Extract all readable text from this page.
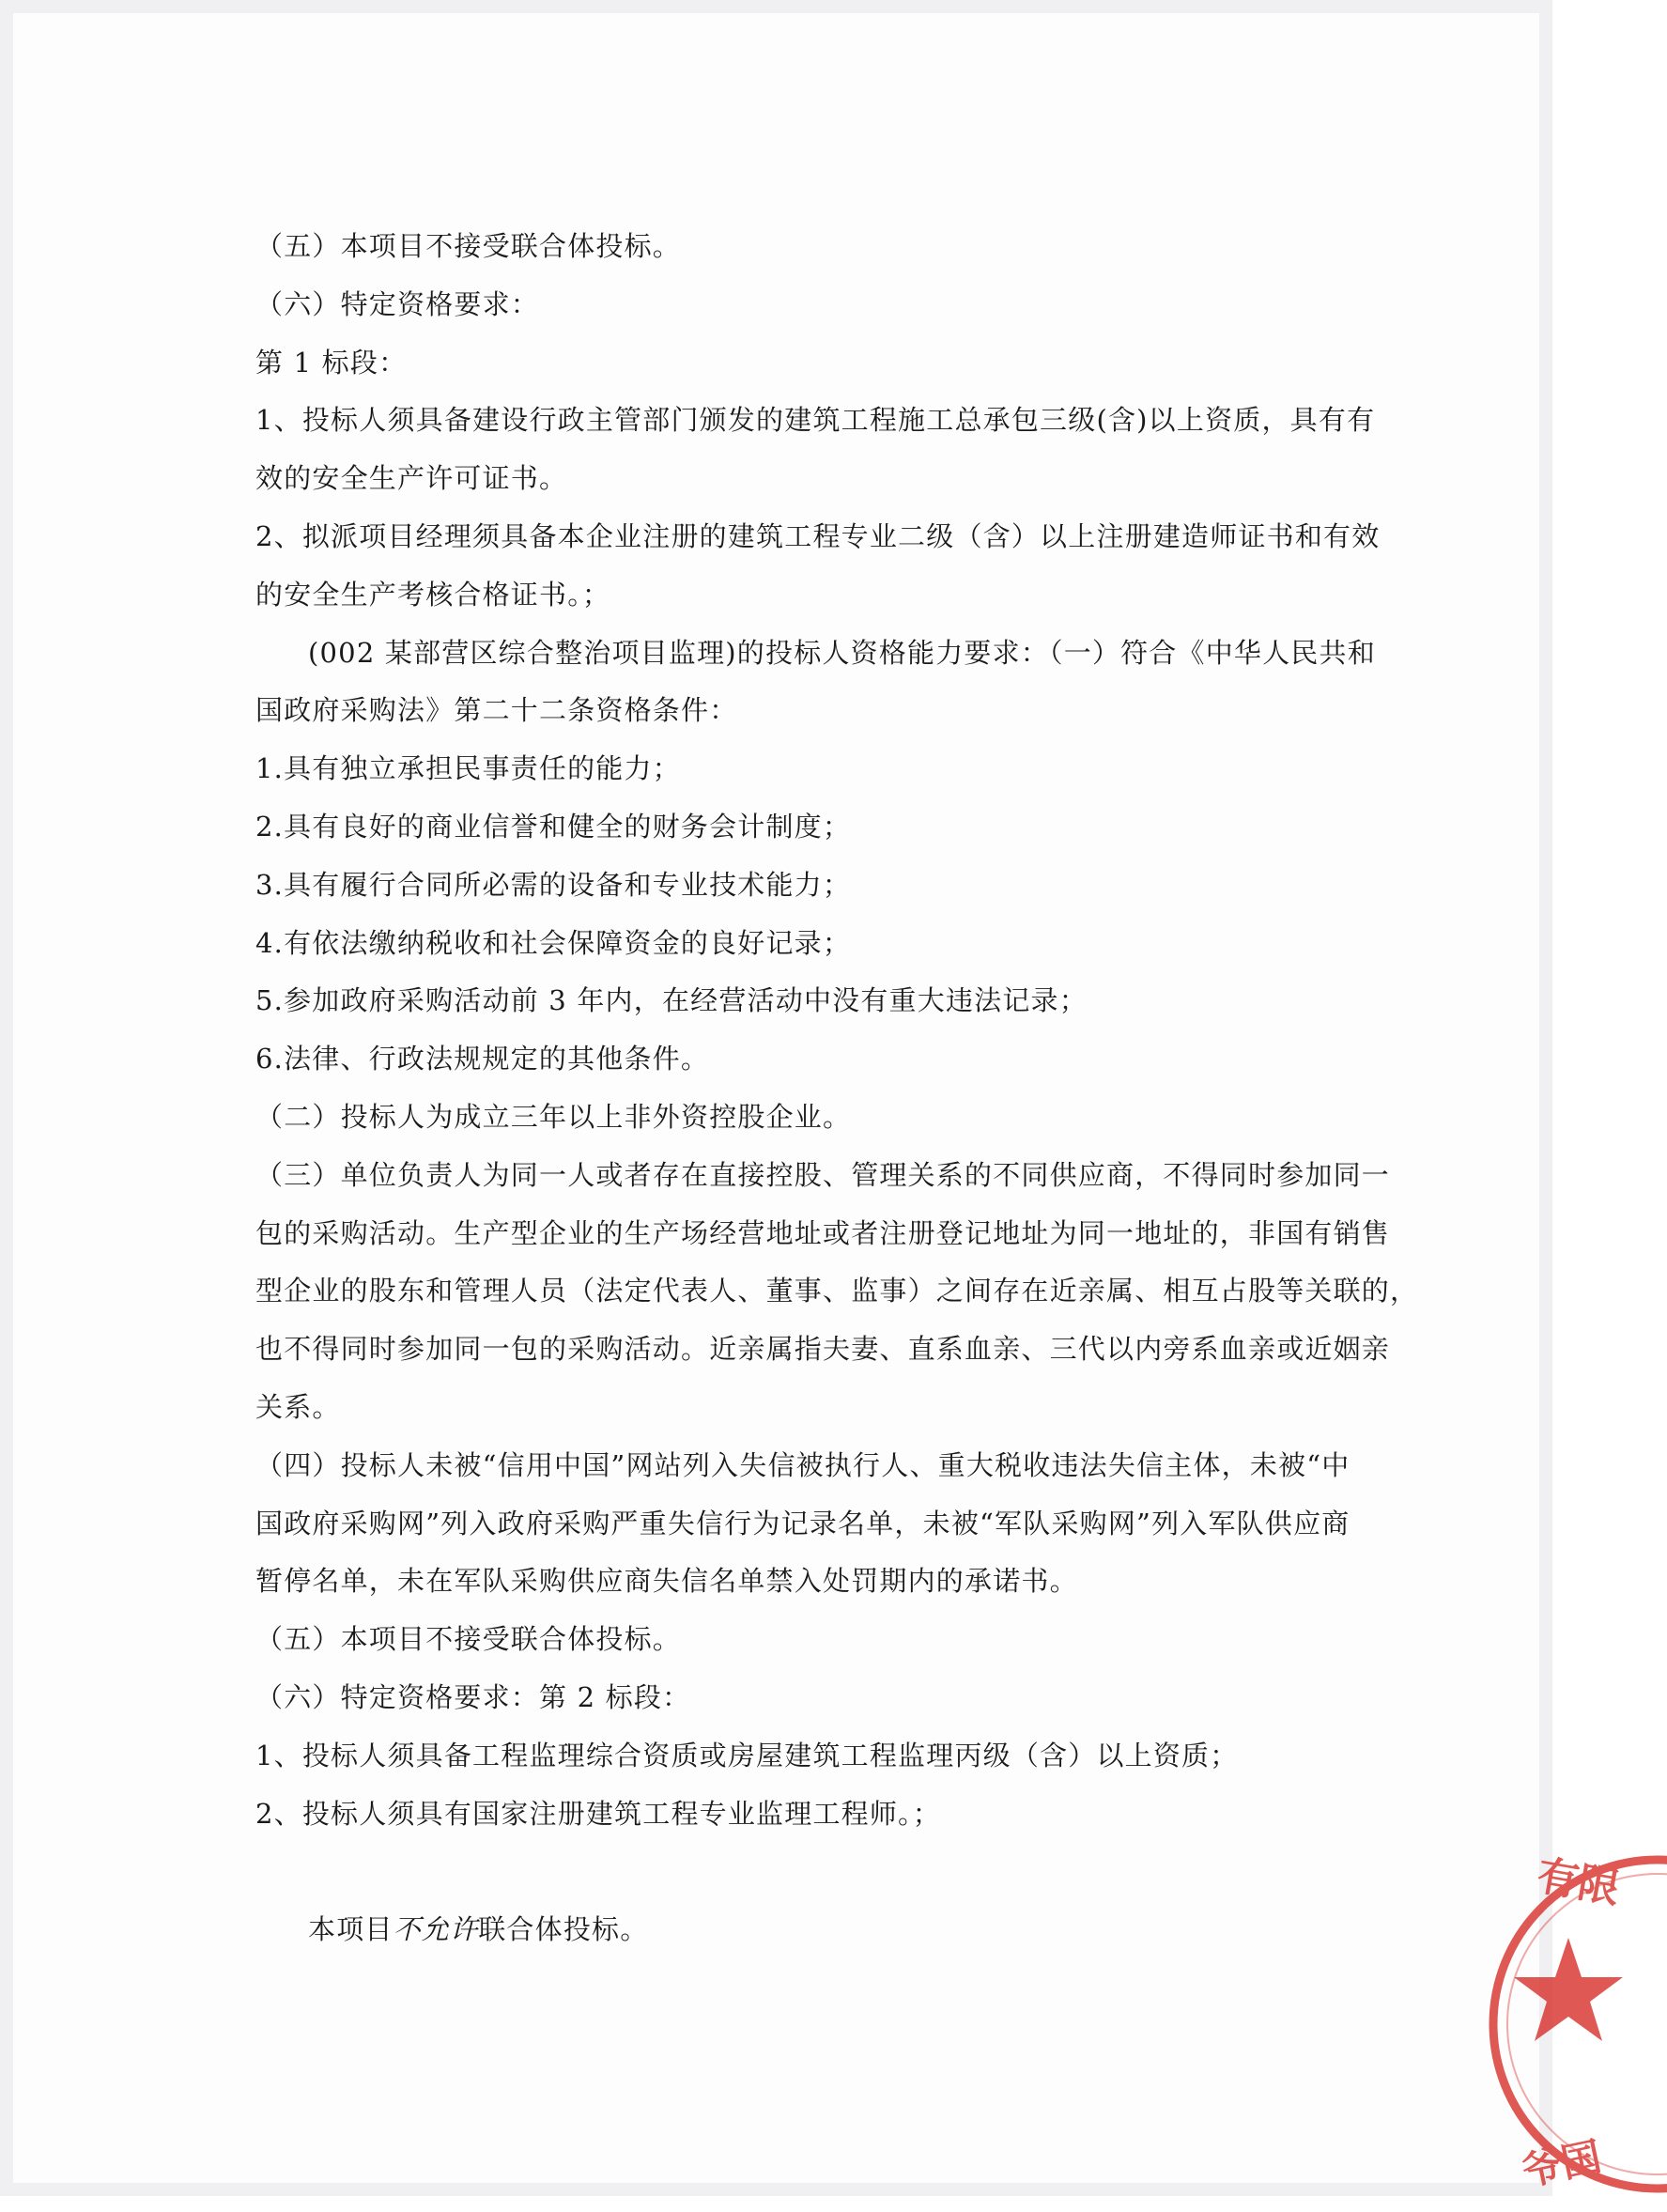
（五）本项目不接受联合体投标。

（六）特定资格要求：

第 1 标段：

1、投标人须具备建设行政主管部门颁发的建筑工程施工总承包三级(含)以上资质，具有有

效的安全生产许可证书。

2、拟派项目经理须具备本企业注册的建筑工程专业二级（含）以上注册建造师证书和有效

的安全生产考核合格证书。；

(002 某部营区综合整治项目监理)的投标人资格能力要求：（一）符合《中华人民共和

国政府采购法》第二十二条资格条件：

1.具有独立承担民事责任的能力；

2.具有良好的商业信誉和健全的财务会计制度；

3.具有履行合同所必需的设备和专业技术能力；

4.有依法缴纳税收和社会保障资金的良好记录；

5.参加政府采购活动前 3 年内，在经营活动中没有重大违法记录；

6.法律、行政法规规定的其他条件。

（二）投标人为成立三年以上非外资控股企业。

（三）单位负责人为同一人或者存在直接控股、管理关系的不同供应商，不得同时参加同一

包的采购活动。生产型企业的生产场经营地址或者注册登记地址为同一地址的，非国有销售

型企业的股东和管理人员（法定代表人、董事、监事）之间存在近亲属、相互占股等关联的，

也不得同时参加同一包的采购活动。近亲属指夫妻、直系血亲、三代以内旁系血亲或近姻亲

关系。

（四）投标人未被“信用中国”网站列入失信被执行人、重大税收违法失信主体，未被“中

国政府采购网”列入政府采购严重失信行为记录名单，未被“军队采购网”列入军队供应商

暂停名单，未在军队采购供应商失信名单禁入处罚期内的承诺书。

（五）本项目不接受联合体投标。

（六）特定资格要求：第 2 标段：

1、投标人须具备工程监理综合资质或房屋建筑工程监理丙级（含）以上资质；

2、投标人须具有国家注册建筑工程专业监理工程师。；

本项目不允许联合体投标。

有限
爷国
